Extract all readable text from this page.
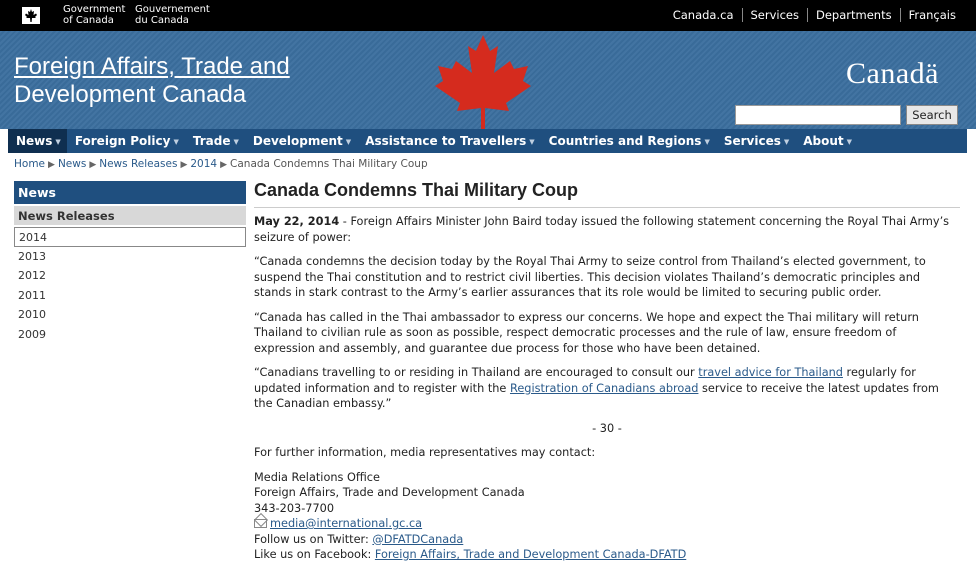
Government
of Canada
Gouvernement
du Canada	Canada.ca	Services	Departments	Français
Foreign Affairs, Trade and
Development Canada
Canadä
Search
News ▼	Foreign Policy ▼	Trade ▼	Development ▼	Assistance to Travellers ▼	Countries and Regions ▼	Services ▼	About ▼
Home ▶ News ▶ News Releases ▶ 2014 ▶ Canada Condemns Thai Military Coup
News
News Releases
2014
2013
2012
2011
2010
2009
Canada Condemns Thai Military Coup

May 22, 2014 - Foreign Affairs Minister John Baird today issued the following statement concerning the Royal Thai Army’s seizure of power:

“Canada condemns the decision today by the Royal Thai Army to seize control from Thailand’s elected government, to suspend the Thai constitution and to restrict civil liberties. This decision violates Thailand’s democratic principles and stands in stark contrast to the Army’s earlier assurances that its role would be limited to securing public order.

“Canada has called in the Thai ambassador to express our concerns. We hope and expect the Thai military will return Thailand to civilian rule as soon as possible, respect democratic processes and the rule of law, ensure freedom of expression and assembly, and guarantee due process for those who have been detained.

“Canadians travelling to or residing in Thailand are encouraged to consult our travel advice for Thailand regularly for updated information and to register with the Registration of Canadians abroad service to receive the latest updates from the Canadian embassy.”

- 30 -

For further information, media representatives may contact:

Media Relations Office
Foreign Affairs, Trade and Development Canada
343-203-7700
media@international.gc.ca
Follow us on Twitter: @DFATDCanada
Like us on Facebook: Foreign Affairs, Trade and Development Canada-DFATD
